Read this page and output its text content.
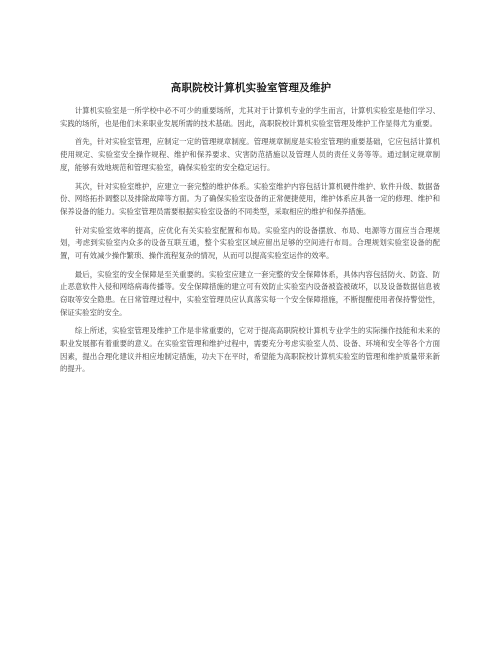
高职院校计算机实验室管理及维护

计算机实验室是一所学校中必不可少的重要场所，尤其对于计算机专业的学生而言，计算机实验室是他们学习、实践的场所，也是他们未来职业发展所需的技术基础。因此，高职院校计算机实验室管理及维护工作显得尤为重要。

首先，针对实验室管理，应制定一定的管理规章制度。管理规章制度是实验室管理的重要基础，它应包括计算机使用规定、实验室安全操作规程、维护和保养要求、灾害防范措施以及管理人员的责任义务等等。通过制定规章制度，能够有效地规范和管理实验室，确保实验室的安全稳定运行。

其次，针对实验室维护，应建立一套完整的维护体系。实验室维护内容包括计算机硬件维护、软件升级、数据备份、网络拓扑调整以及排除故障等方面。为了确保实验室设备的正常便捷使用，维护体系应具备一定的修理、维护和保养设备的能力。实验室管理员需要根据实验室设备的不同类型，采取相应的维护和保养措施。

针对实验室效率的提高，应优化有关实验室配置和布局。实验室内的设备摆放、布局、电源等方面应当合理规划，考虑到实验室内众多的设备互联互通，整个实验室区域应留出足够的空间进行布局。合理规划实验室设备的配置，可有效减少操作繁琐、操作流程复杂的情况，从而可以提高实验室运作的效率。

最后，实验室的安全保障是至关重要的。实验室应建立一套完整的安全保障体系，具体内容包括防火、防盗、防止恶意软件入侵和网络病毒传播等。安全保障措施的建立可有效防止实验室内设备被盗被破坏，以及设备数据信息被窃取等安全隐患。在日常管理过程中，实验室管理员应认真落实每一个安全保障措施，不断提醒使用者保持警觉性，保证实验室的安全。

综上所述，实验室管理及维护工作是非常重要的，它对于提高高职院校计算机专业学生的实际操作技能和未来的职业发展都有着重要的意义。在实验室管理和维护过程中，需要充分考虑实验室人员、设备、环境和安全等各个方面因素，提出合理化建议并相应地制定措施，功夫下在平时，希望能为高职院校计算机实验室的管理和维护质量带来新的提升。
